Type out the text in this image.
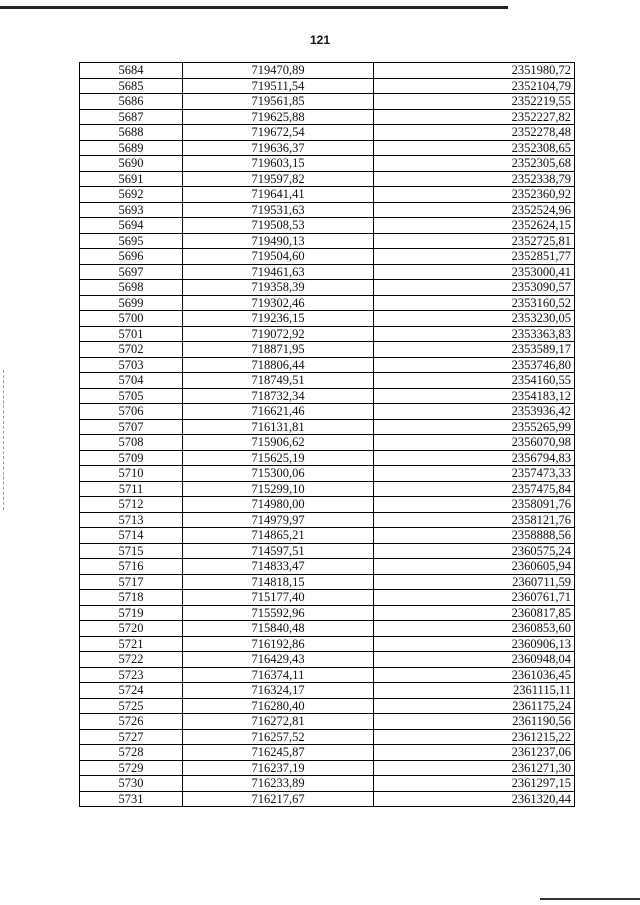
121
5684	719470,89	2351980,72
5685	719511,54	2352104,79
5686	719561,85	2352219,55
5687	719625,88	2352227,82
5688	719672,54	2352278,48
5689	719636,37	2352308,65
5690	719603,15	2352305,68
5691	719597,82	2352338,79
5692	719641,41	2352360,92
5693	719531,63	2352524,96
5694	719508,53	2352624,15
5695	719490,13	2352725,81
5696	719504,60	2352851,77
5697	719461,63	2353000,41
5698	719358,39	2353090,57
5699	719302,46	2353160,52
5700	719236,15	2353230,05
5701	719072,92	2353363,83
5702	718871,95	2353589,17
5703	718806,44	2353746,80
5704	718749,51	2354160,55
5705	718732,34	2354183,12
5706	716621,46	2353936,42
5707	716131,81	2355265,99
5708	715906,62	2356070,98
5709	715625,19	2356794,83
5710	715300,06	2357473,33
5711	715299,10	2357475,84
5712	714980,00	2358091,76
5713	714979,97	2358121,76
5714	714865,21	2358888,56
5715	714597,51	2360575,24
5716	714833,47	2360605,94
5717	714818,15	2360711,59
5718	715177,40	2360761,71
5719	715592,96	2360817,85
5720	715840,48	2360853,60
5721	716192,86	2360906,13
5722	716429,43	2360948,04
5723	716374,11	2361036,45
5724	716324,17	2361115,11
5725	716280,40	2361175,24
5726	716272,81	2361190,56
5727	716257,52	2361215,22
5728	716245,87	2361237,06
5729	716237,19	2361271,30
5730	716233,89	2361297,15
5731	716217,67	2361320,44
